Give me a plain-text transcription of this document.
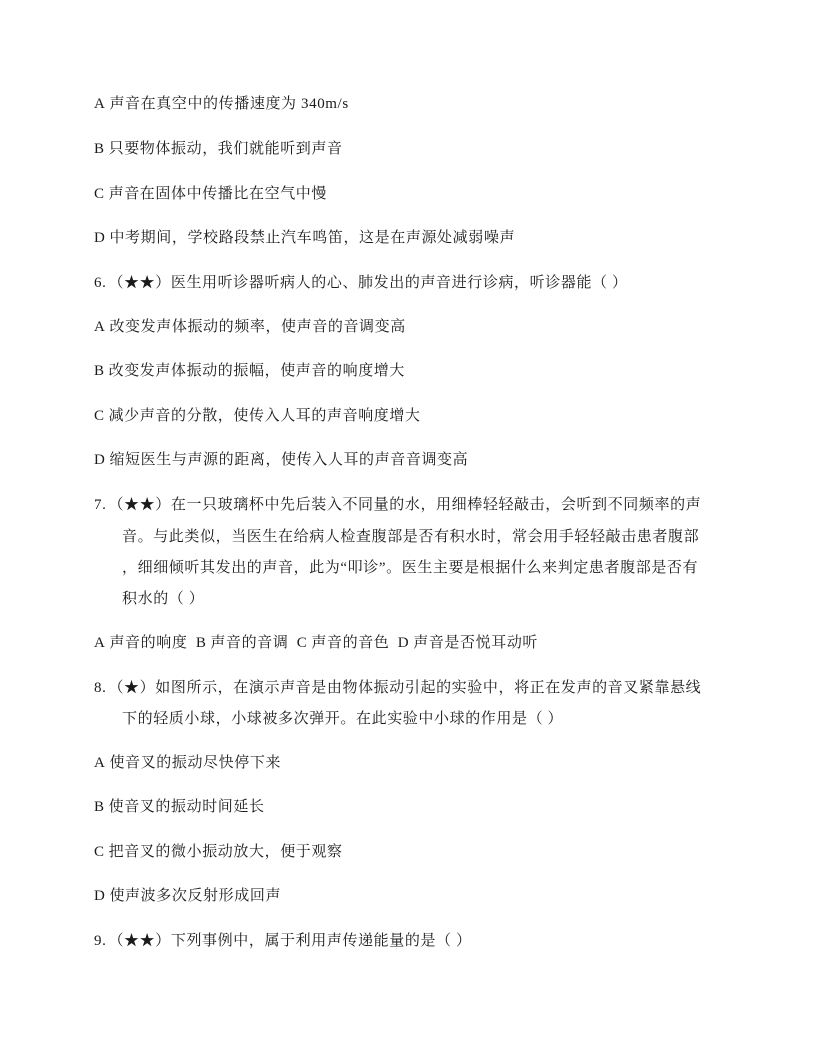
A 声音在真空中的传播速度为 340m/s
B 只要物体振动，我们就能听到声音
C 声音在固体中传播比在空气中慢
D 中考期间，学校路段禁止汽车鸣笛，这是在声源处减弱噪声
6. （★★）医生用听诊器听病人的心、肺发出的声音进行诊病，听诊器能（ ）
A 改变发声体振动的频率，使声音的音调变高
B 改变发声体振动的振幅，使声音的响度增大
C 减少声音的分散，使传入人耳的声音响度增大
D 缩短医生与声源的距离，使传入人耳的声音音调变高
7. （★★）在一只玻璃杯中先后装入不同量的水，用细棒轻轻敲击，会听到不同频率的声
音。与此类似，当医生在给病人检查腹部是否有积水时，常会用手轻轻敲击患者腹部
，细细倾听其发出的声音，此为“叩诊”。医生主要是根据什么来判定患者腹部是否有
积水的（ ）
A 声音的响度 B 声音的音调 C 声音的音色 D 声音是否悦耳动听
8. （★）如图所示，在演示声音是由物体振动引起的实验中，将正在发声的音叉紧靠悬线
下的轻质小球，小球被多次弹开。在此实验中小球的作用是（ ）
A 使音叉的振动尽快停下来
B 使音叉的振动时间延长
C 把音叉的微小振动放大，便于观察
D 使声波多次反射形成回声
9. （★★）下列事例中，属于利用声传递能量的是（ ）
